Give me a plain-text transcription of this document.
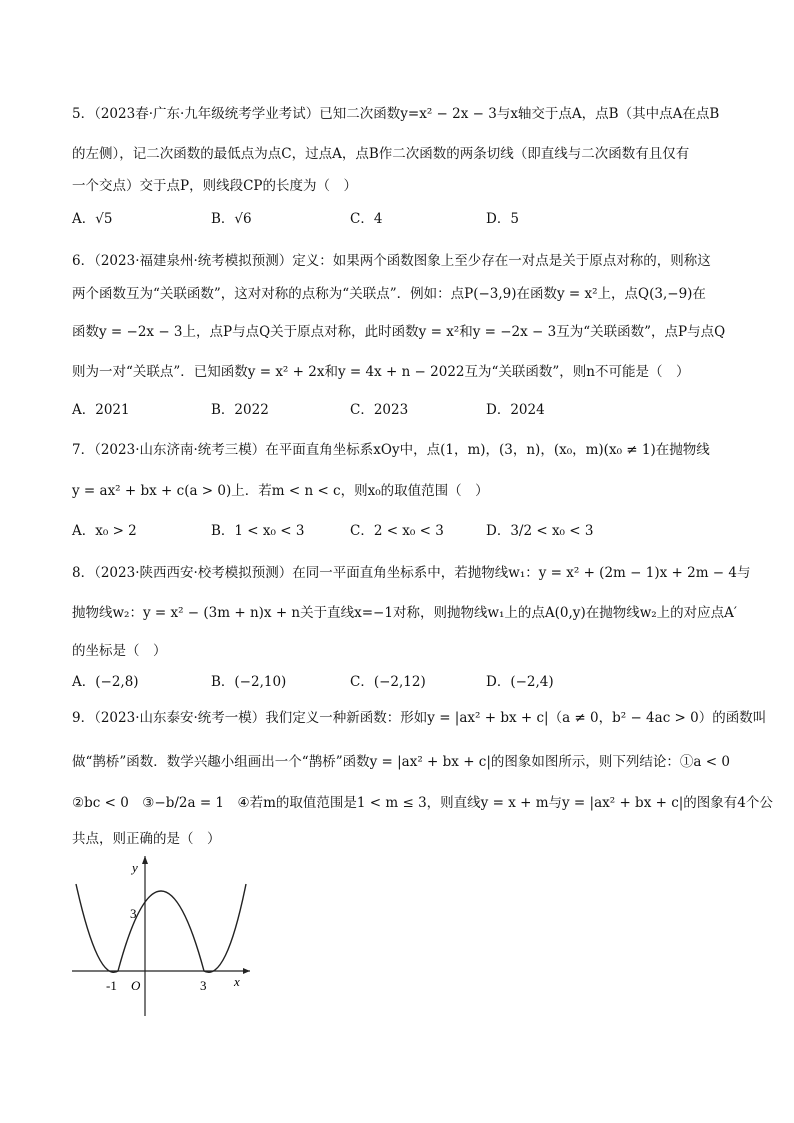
5．（2023春·广东·九年级统考学业考试）已知二次函数y=x² − 2x − 3与x轴交于点A，点B（其中点A在点B
的左侧），记二次函数的最低点为点C，过点A，点B作二次函数的两条切线（即直线与二次函数有且仅有
一个交点）交于点P，则线段CP的长度为（　）
A．√5	B．√6	C．4	D．5
6．（2023·福建泉州·统考模拟预测）定义：如果两个函数图象上至少存在一对点是关于原点对称的，则称这
两个函数互为“关联函数”，这对对称的点称为“关联点”．例如：点P(−3,9)在函数y = x²上，点Q(3,−9)在
函数y = −2x − 3上，点P与点Q关于原点对称，此时函数y = x²和y = −2x − 3互为“关联函数”，点P与点Q
则为一对“关联点”．已知函数y = x² + 2x和y = 4x + n − 2022互为“关联函数”，则n不可能是（　）
A．2021	B．2022	C．2023	D．2024
7．（2023·山东济南·统考三模）在平面直角坐标系xOy中，点(1，m)，(3，n)，(x₀，m)(x₀ ≠ 1)在抛物线
y = ax² + bx + c(a > 0)上．若m < n < c，则x₀的取值范围（　）
A．x₀ > 2	B．1 < x₀ < 3	C．2 < x₀ < 3	D．3/2 < x₀ < 3
8．（2023·陕西西安·校考模拟预测）在同一平面直角坐标系中，若抛物线w₁：y = x² + (2m − 1)x + 2m − 4与
抛物线w₂：y = x² − (3m + n)x + n关于直线x=−1对称，则抛物线w₁上的点A(0,y)在抛物线w₂上的对应点A′
的坐标是（　）
A．(−2,8)	B．(−2,10)	C．(−2,12)	D．(−2,4)
9．（2023·山东泰安·统考一模）我们定义一种新函数：形如y = |ax² + bx + c|（a ≠ 0，b² − 4ac > 0）的函数叫
做“鹊桥”函数．数学兴趣小组画出一个“鹊桥”函数y = |ax² + bx + c|的图象如图所示，则下列结论：①a < 0
②bc < 0　③−b/2a = 1　④若m的取值范围是1 < m ≤ 3，则直线y = x + m与y = |ax² + bx + c|的图象有4个公
共点，则正确的是（　）
y
x
O
-1	3
3
